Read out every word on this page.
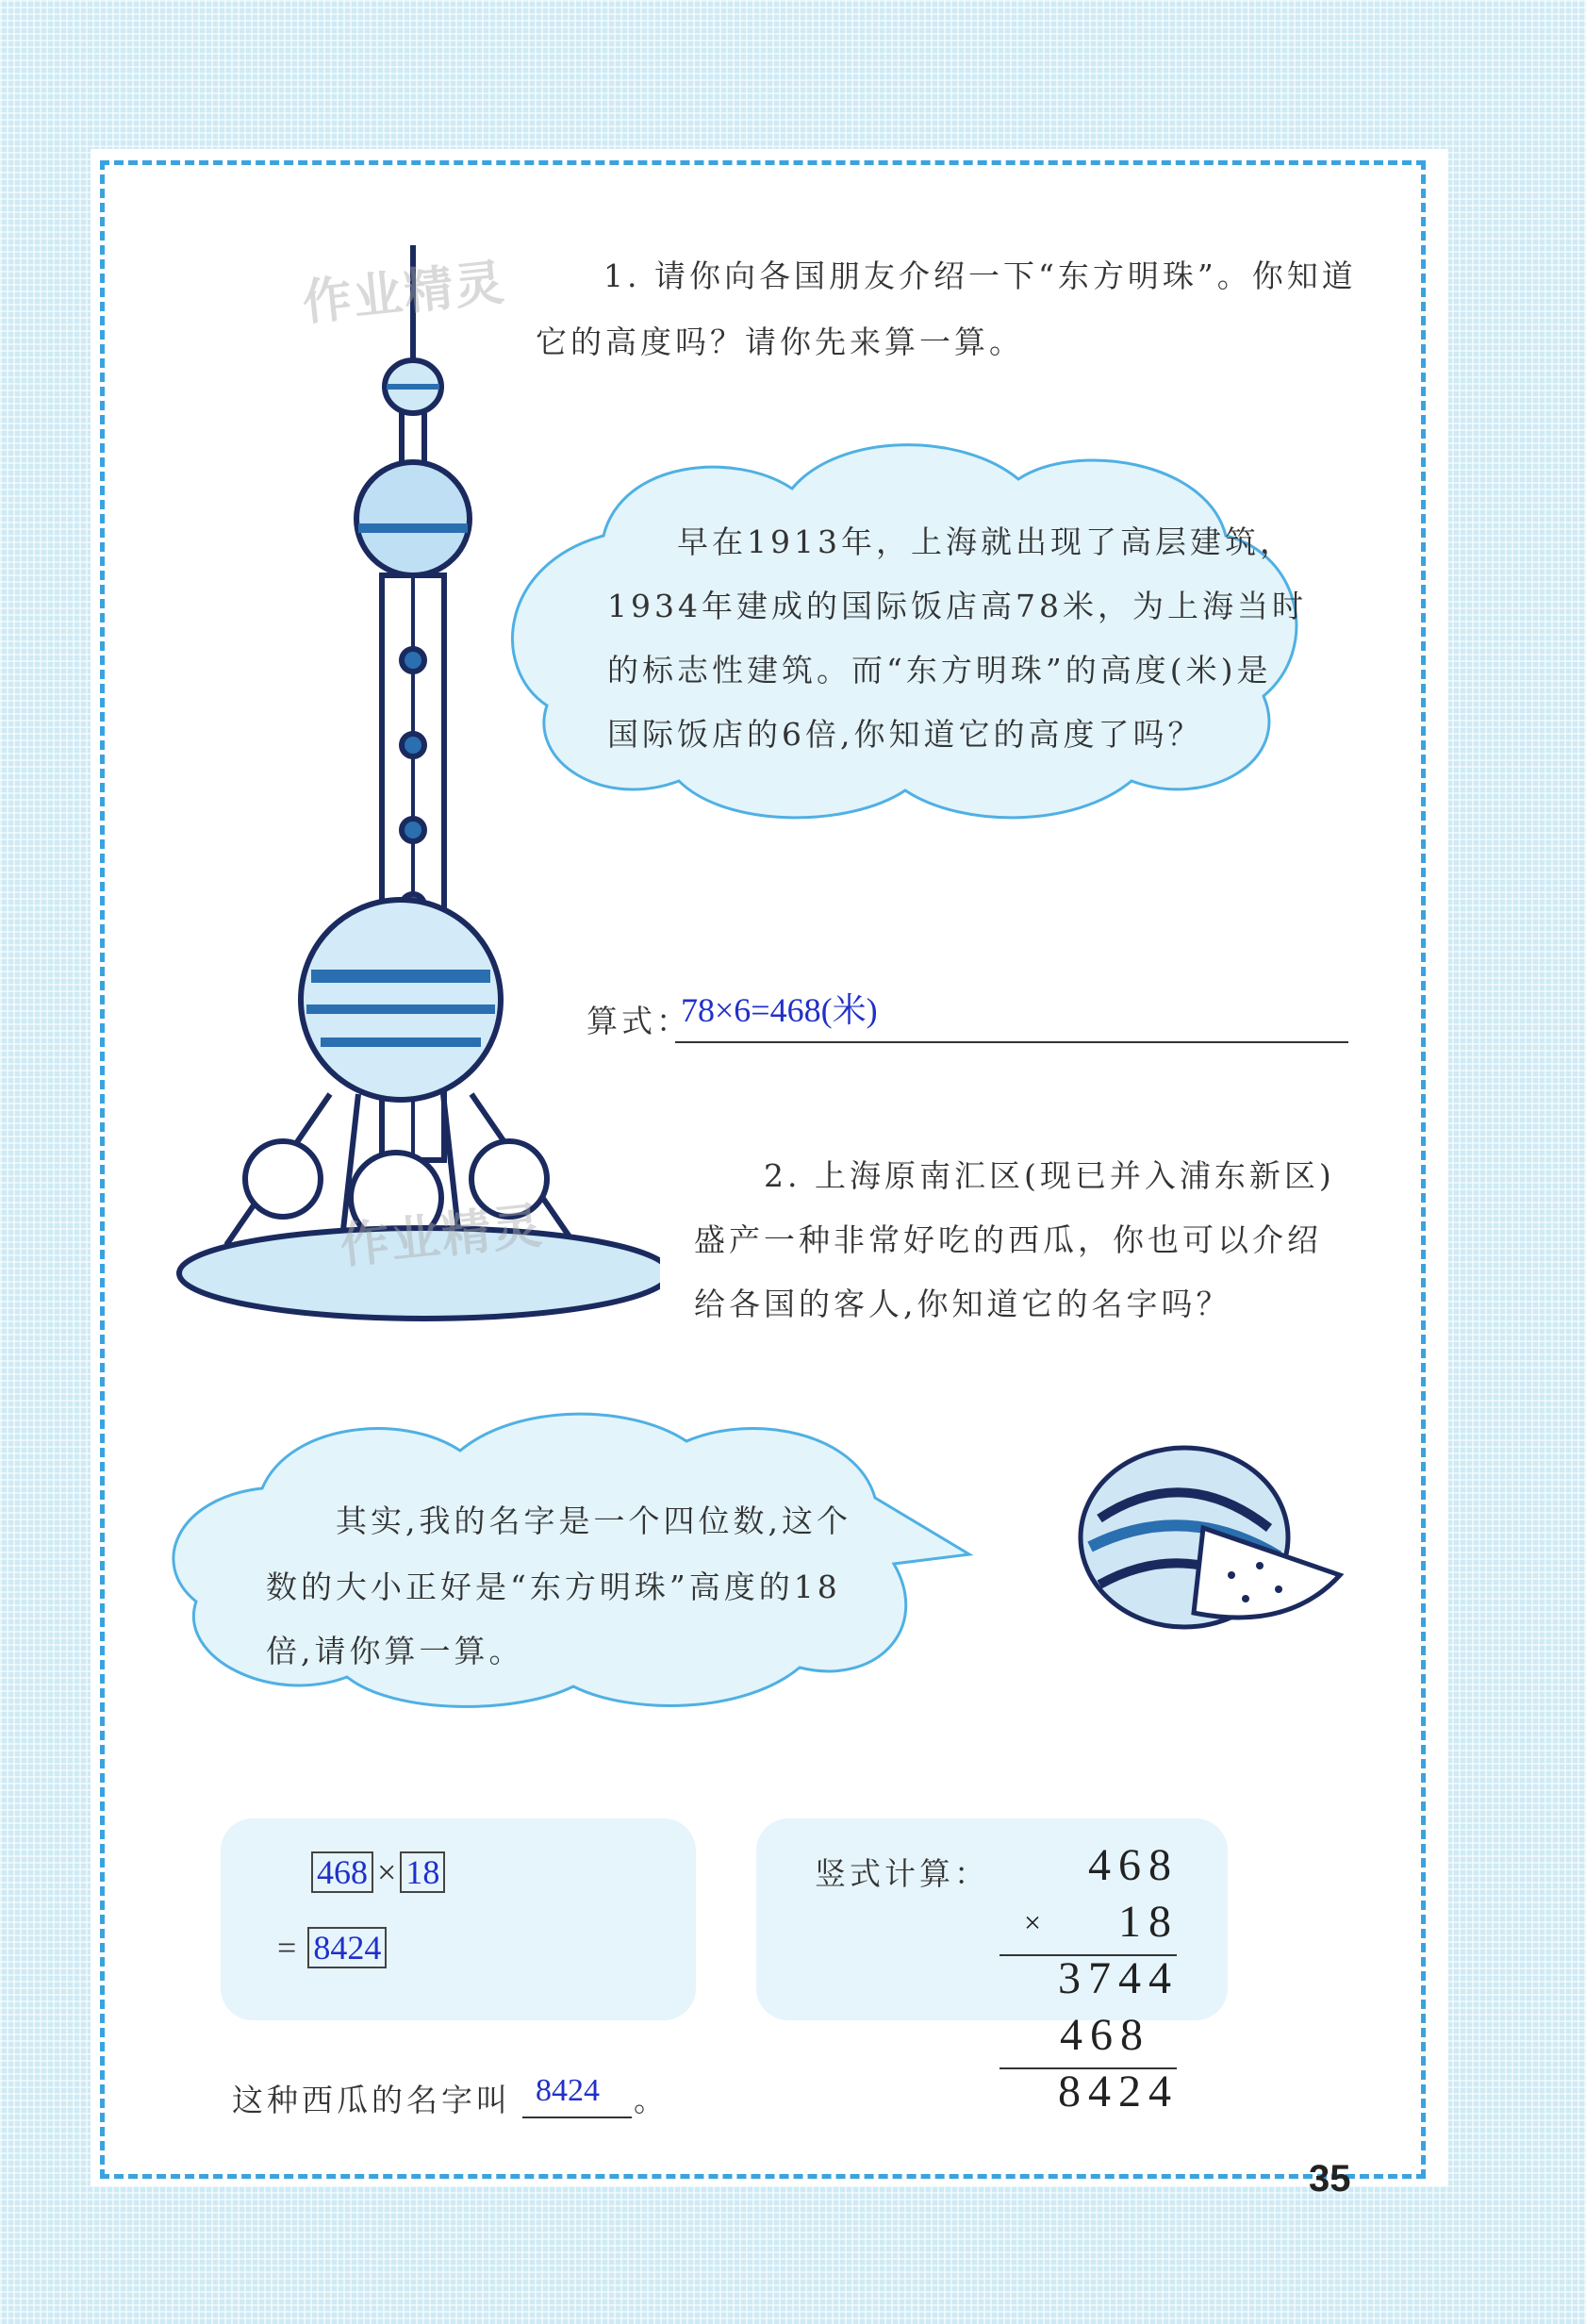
作业精灵
作业精灵
1. 请你向各国朋友介绍一下“东方明珠”。你知道
它的高度吗？请你先来算一算。
早在1913年，上海就出现了高层建筑，
1934年建成的国际饭店高78米，为上海当时
的标志性建筑。而“东方明珠”的高度(米)是
国际饭店的6倍,你知道它的高度了吗？
算式：
78×6=468(米)
2. 上海原南汇区(现已并入浦东新区)
盛产一种非常好吃的西瓜，你也可以介绍
给各国的客人,你知道它的名字吗？
其实,我的名字是一个四位数,这个
数的大小正好是“东方明珠”高度的18
倍,请你算一算。
468 × 18
= 8424
竖式计算：	468
×	18
3744
468
8424
这种西瓜的名字叫 8424 。
35
